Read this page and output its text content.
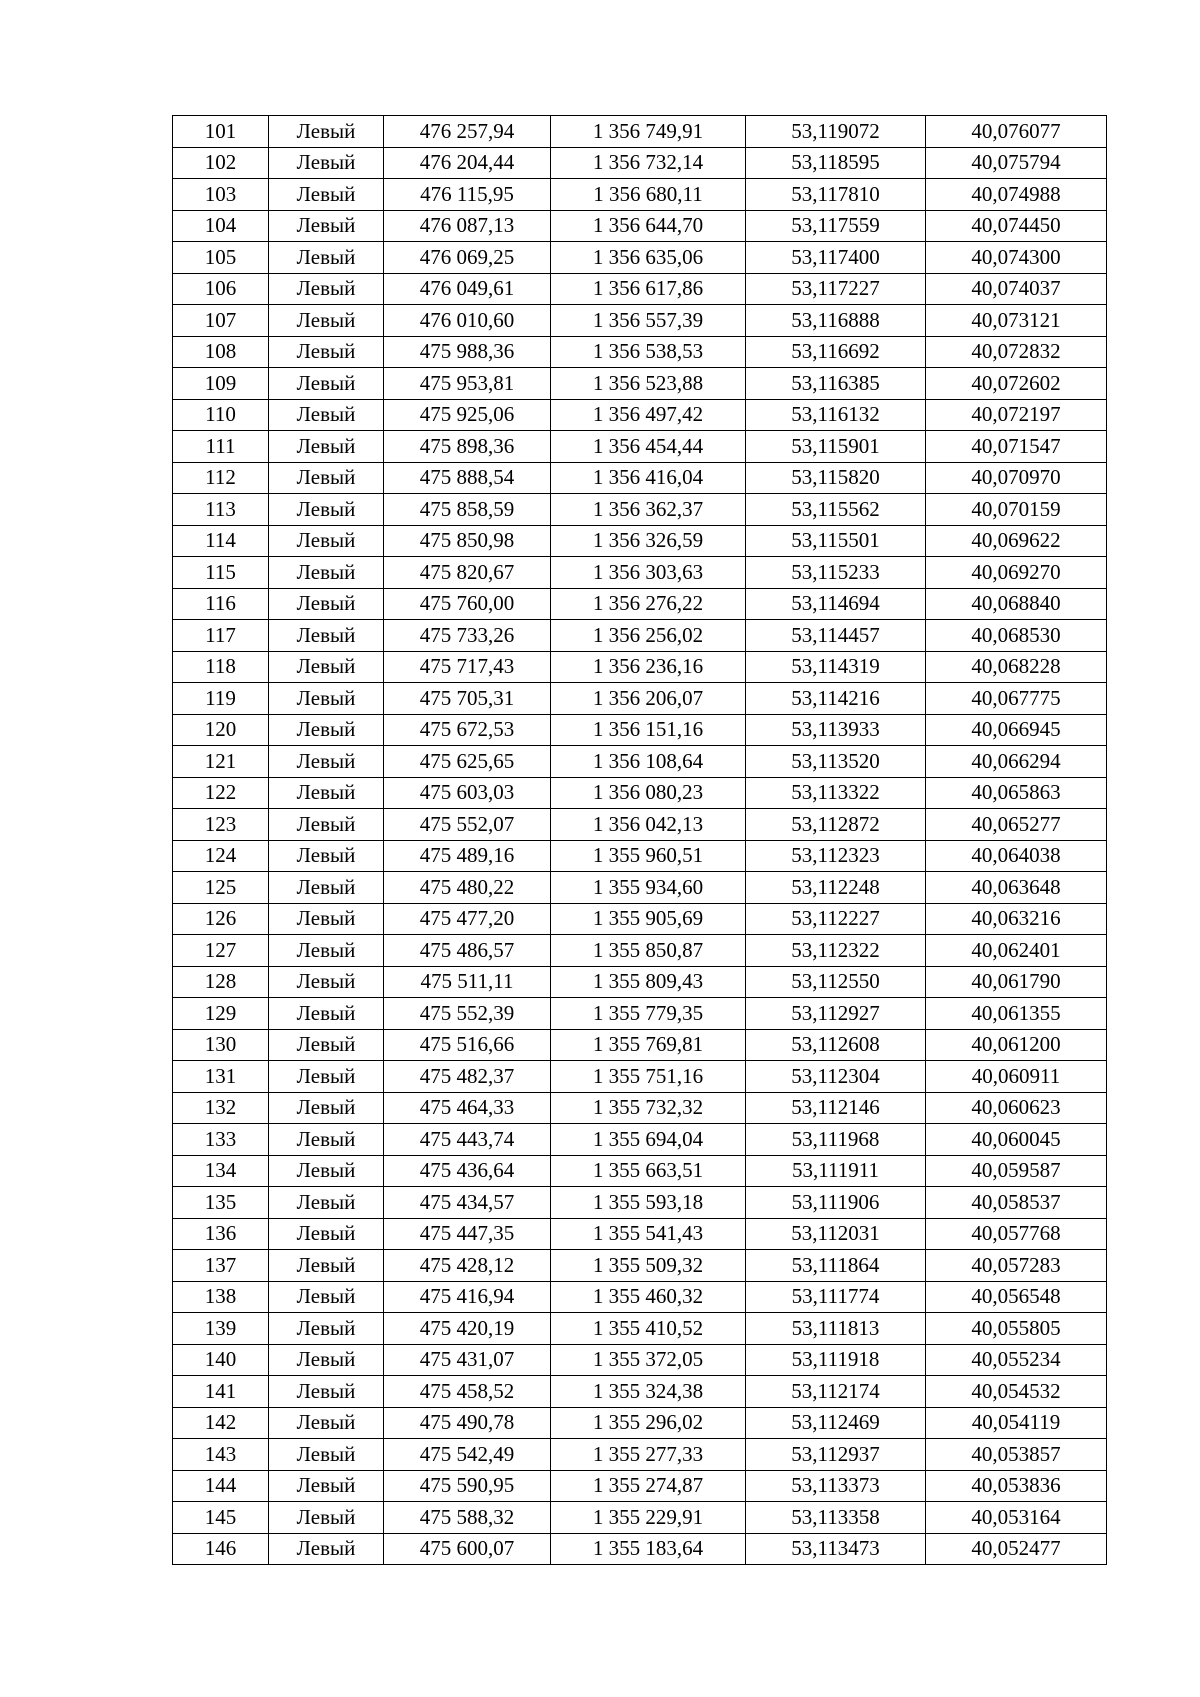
101	Левый	476 257,94	1 356 749,91	53,119072	40,076077
102	Левый	476 204,44	1 356 732,14	53,118595	40,075794
103	Левый	476 115,95	1 356 680,11	53,117810	40,074988
104	Левый	476 087,13	1 356 644,70	53,117559	40,074450
105	Левый	476 069,25	1 356 635,06	53,117400	40,074300
106	Левый	476 049,61	1 356 617,86	53,117227	40,074037
107	Левый	476 010,60	1 356 557,39	53,116888	40,073121
108	Левый	475 988,36	1 356 538,53	53,116692	40,072832
109	Левый	475 953,81	1 356 523,88	53,116385	40,072602
110	Левый	475 925,06	1 356 497,42	53,116132	40,072197
111	Левый	475 898,36	1 356 454,44	53,115901	40,071547
112	Левый	475 888,54	1 356 416,04	53,115820	40,070970
113	Левый	475 858,59	1 356 362,37	53,115562	40,070159
114	Левый	475 850,98	1 356 326,59	53,115501	40,069622
115	Левый	475 820,67	1 356 303,63	53,115233	40,069270
116	Левый	475 760,00	1 356 276,22	53,114694	40,068840
117	Левый	475 733,26	1 356 256,02	53,114457	40,068530
118	Левый	475 717,43	1 356 236,16	53,114319	40,068228
119	Левый	475 705,31	1 356 206,07	53,114216	40,067775
120	Левый	475 672,53	1 356 151,16	53,113933	40,066945
121	Левый	475 625,65	1 356 108,64	53,113520	40,066294
122	Левый	475 603,03	1 356 080,23	53,113322	40,065863
123	Левый	475 552,07	1 356 042,13	53,112872	40,065277
124	Левый	475 489,16	1 355 960,51	53,112323	40,064038
125	Левый	475 480,22	1 355 934,60	53,112248	40,063648
126	Левый	475 477,20	1 355 905,69	53,112227	40,063216
127	Левый	475 486,57	1 355 850,87	53,112322	40,062401
128	Левый	475 511,11	1 355 809,43	53,112550	40,061790
129	Левый	475 552,39	1 355 779,35	53,112927	40,061355
130	Левый	475 516,66	1 355 769,81	53,112608	40,061200
131	Левый	475 482,37	1 355 751,16	53,112304	40,060911
132	Левый	475 464,33	1 355 732,32	53,112146	40,060623
133	Левый	475 443,74	1 355 694,04	53,111968	40,060045
134	Левый	475 436,64	1 355 663,51	53,111911	40,059587
135	Левый	475 434,57	1 355 593,18	53,111906	40,058537
136	Левый	475 447,35	1 355 541,43	53,112031	40,057768
137	Левый	475 428,12	1 355 509,32	53,111864	40,057283
138	Левый	475 416,94	1 355 460,32	53,111774	40,056548
139	Левый	475 420,19	1 355 410,52	53,111813	40,055805
140	Левый	475 431,07	1 355 372,05	53,111918	40,055234
141	Левый	475 458,52	1 355 324,38	53,112174	40,054532
142	Левый	475 490,78	1 355 296,02	53,112469	40,054119
143	Левый	475 542,49	1 355 277,33	53,112937	40,053857
144	Левый	475 590,95	1 355 274,87	53,113373	40,053836
145	Левый	475 588,32	1 355 229,91	53,113358	40,053164
146	Левый	475 600,07	1 355 183,64	53,113473	40,052477
